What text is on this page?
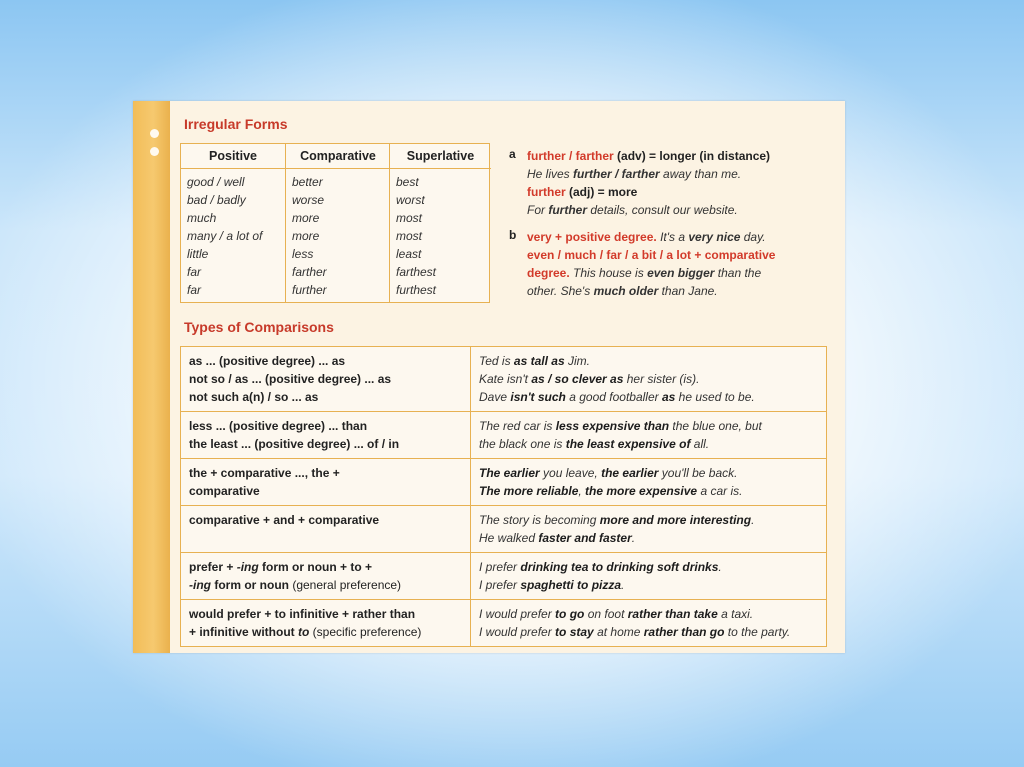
Irregular Forms
Positive
good / well
bad / badly
much
many / a lot of
little
far
far
Comparative
better
worse
more
more
less
farther
further
Superlative
best
worst
most
most
least
farthest
furthest
a further / farther (adv) = longer (in distance)
He lives further / farther away than me.
further (adj) = more
For further details, consult our website.
b very + positive degree. It's a very nice day.
even / much / far / a bit / a lot + comparative
degree. This house is even bigger than the
other. She's much older than Jane.
Types of Comparisons
as ... (positive degree) ... as
not so / as ... (positive degree) ... as
not such a(n) / so ... as
Ted is as tall as Jim.
Kate isn't as / so clever as her sister (is).
Dave isn't such a good footballer as he used to be.
less ... (positive degree) ... than
the least ... (positive degree) ... of / in
The red car is less expensive than the blue one, but
the black one is the least expensive of all.
the + comparative ..., the +
comparative
The earlier you leave, the earlier you'll be back.
The more reliable, the more expensive a car is.
comparative + and + comparative	The story is becoming more and more interesting.
He walked faster and faster.
prefer + -ing form or noun + to +
-ing form or noun (general preference)
I prefer drinking tea to drinking soft drinks.
I prefer spaghetti to pizza.
would prefer + to infinitive + rather than
+ infinitive without to (specific preference)
I would prefer to go on foot rather than take a taxi.
I would prefer to stay at home rather than go to the party.
